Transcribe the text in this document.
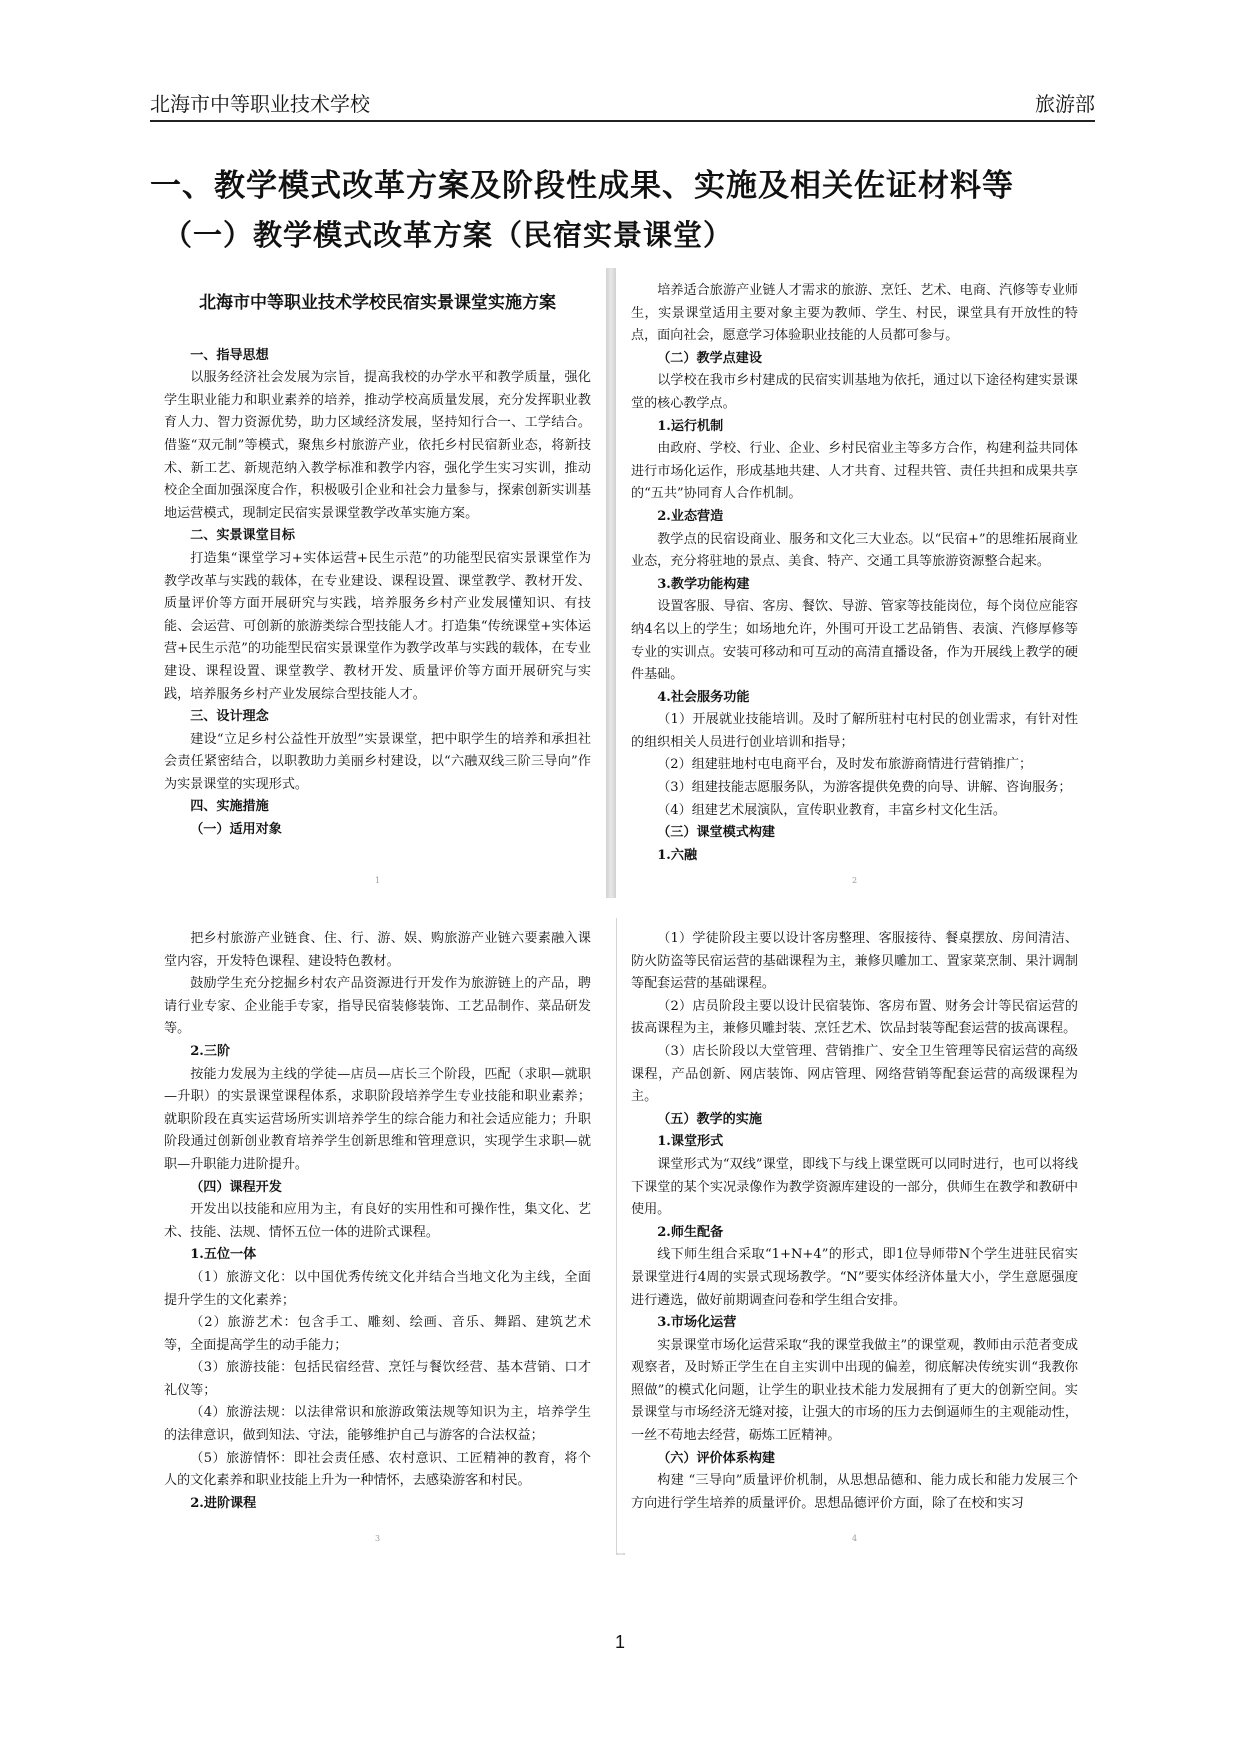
北海市中等职业技术学校	旅游部
一、教学模式改革方案及阶段性成果、实施及相关佐证材料等
（一）教学模式改革方案（民宿实景课堂）

北海市中等职业技术学校民宿实景课堂实施方案

一、指导思想

以服务经济社会发展为宗旨，提高我校的办学水平和教学质量，强化学生职业能力和职业素养的培养，推动学校高质量发展，充分发挥职业教育人力、智力资源优势，助力区域经济发展，坚持知行合一、工学结合。借鉴“双元制”等模式，聚焦乡村旅游产业，依托乡村民宿新业态，将新技术、新工艺、新规范纳入教学标准和教学内容，强化学生实习实训，推动校企全面加强深度合作，积极吸引企业和社会力量参与，探索创新实训基地运营模式，现制定民宿实景课堂教学改革实施方案。

二、实景课堂目标

打造集“课堂学习+实体运营+民生示范”的功能型民宿实景课堂作为教学改革与实践的载体，在专业建设、课程设置、课堂教学、教材开发、质量评价等方面开展研究与实践，培养服务乡村产业发展懂知识、有技能、会运营、可创新的旅游类综合型技能人才。打造集“传统课堂+实体运营+民生示范”的功能型民宿实景课堂作为教学改革与实践的载体，在专业建设、课程设置、课堂教学、教材开发、质量评价等方面开展研究与实践，培养服务乡村产业发展综合型技能人才。

三、设计理念

建设“立足乡村公益性开放型”实景课堂，把中职学生的培养和承担社会责任紧密结合，以职教助力美丽乡村建设，以“六融双线三阶三导向”作为实景课堂的实现形式。

四、实施措施

（一）适用对象

1

培养适合旅游产业链人才需求的旅游、烹饪、艺术、电商、汽修等专业师生，实景课堂适用主要对象主要为教师、学生、村民，课堂具有开放性的特点，面向社会，愿意学习体验职业技能的人员都可参与。

（二）教学点建设

以学校在我市乡村建成的民宿实训基地为依托，通过以下途径构建实景课堂的核心教学点。

1.运行机制

由政府、学校、行业、企业、乡村民宿业主等多方合作，构建利益共同体进行市场化运作，形成基地共建、人才共育、过程共管、责任共担和成果共享的“五共”协同育人合作机制。

2.业态营造

教学点的民宿设商业、服务和文化三大业态。以“民宿+”的思维拓展商业业态，充分将驻地的景点、美食、特产、交通工具等旅游资源整合起来。

3.教学功能构建

设置客服、导宿、客房、餐饮、导游、管家等技能岗位，每个岗位应能容纳4名以上的学生；如场地允许，外围可开设工艺品销售、表演、汽修厚修等专业的实训点。安装可移动和可互动的高清直播设备，作为开展线上教学的硬件基础。

4.社会服务功能

（1）开展就业技能培训。及时了解所驻村屯村民的创业需求，有针对性的组织相关人员进行创业培训和指导；

（2）组建驻地村屯电商平台，及时发布旅游商情进行营销推广；

（3）组建技能志愿服务队，为游客提供免费的向导、讲解、咨询服务；

（4）组建艺术展演队，宣传职业教育，丰富乡村文化生活。

（三）课堂模式构建

1.六融

2

把乡村旅游产业链食、住、行、游、娱、购旅游产业链六要素融入课堂内容，开发特色课程、建设特色教材。

鼓励学生充分挖掘乡村农产品资源进行开发作为旅游链上的产品，聘请行业专家、企业能手专家，指导民宿装修装饰、工艺品制作、菜品研发等。

2.三阶

按能力发展为主线的学徒—店员—店长三个阶段，匹配（求职—就职—升职）的实景课堂课程体系，求职阶段培养学生专业技能和职业素养；就职阶段在真实运营场所实训培养学生的综合能力和社会适应能力；升职阶段通过创新创业教育培养学生创新思维和管理意识，实现学生求职—就职—升职能力进阶提升。

（四）课程开发

开发出以技能和应用为主，有良好的实用性和可操作性，集文化、艺术、技能、法规、情怀五位一体的进阶式课程。

1.五位一体

（1）旅游文化：以中国优秀传统文化并结合当地文化为主线，全面提升学生的文化素养；

（2）旅游艺术：包含手工、雕刻、绘画、音乐、舞蹈、建筑艺术等，全面提高学生的动手能力；

（3）旅游技能：包括民宿经营、烹饪与餐饮经营、基本营销、口才礼仪等；

（4）旅游法规：以法律常识和旅游政策法规等知识为主，培养学生的法律意识，做到知法、守法，能够维护自己与游客的合法权益；

（5）旅游情怀：即社会责任感、农村意识、工匠精神的教育，将个人的文化素养和职业技能上升为一种情怀，去感染游客和村民。

2.进阶课程

3

（1）学徒阶段主要以设计客房整理、客服接待、餐桌摆放、房间清洁、防火防盗等民宿运营的基础课程为主，兼修贝雕加工、置家菜烹制、果汁调制等配套运营的基础课程。

（2）店员阶段主要以设计民宿装饰、客房布置、财务会计等民宿运营的拔高课程为主，兼修贝雕封装、烹饪艺术、饮品封装等配套运营的拔高课程。

（3）店长阶段以大堂管理、营销推广、安全卫生管理等民宿运营的高级课程，产品创新、网店装饰、网店管理、网络营销等配套运营的高级课程为主。

（五）教学的实施

1.课堂形式

课堂形式为“双线”课堂，即线下与线上课堂既可以同时进行，也可以将线下课堂的某个实况录像作为教学资源库建设的一部分，供师生在教学和教研中使用。

2.师生配备

线下师生组合采取“1+N+4”的形式，即1位导师带N个学生进驻民宿实景课堂进行4周的实景式现场教学。“N”要实体经济体量大小，学生意愿强度进行遴选，做好前期调查问卷和学生组合安排。

3.市场化运营

实景课堂市场化运营采取“我的课堂我做主”的课堂观，教师由示范者变成观察者，及时矫正学生在自主实训中出现的偏差，彻底解决传统实训“我教你照做”的模式化问题，让学生的职业技术能力发展拥有了更大的创新空间。实景课堂与市场经济无缝对接，让强大的市场的压力去倒逼师生的主观能动性，一丝不苟地去经营，砺炼工匠精神。

（六）评价体系构建

构建 “三导向”质量评价机制，从思想品德和、能力成长和能力发展三个方向进行学生培养的质量评价。思想品德评价方面，除了在校和实习

4
1
